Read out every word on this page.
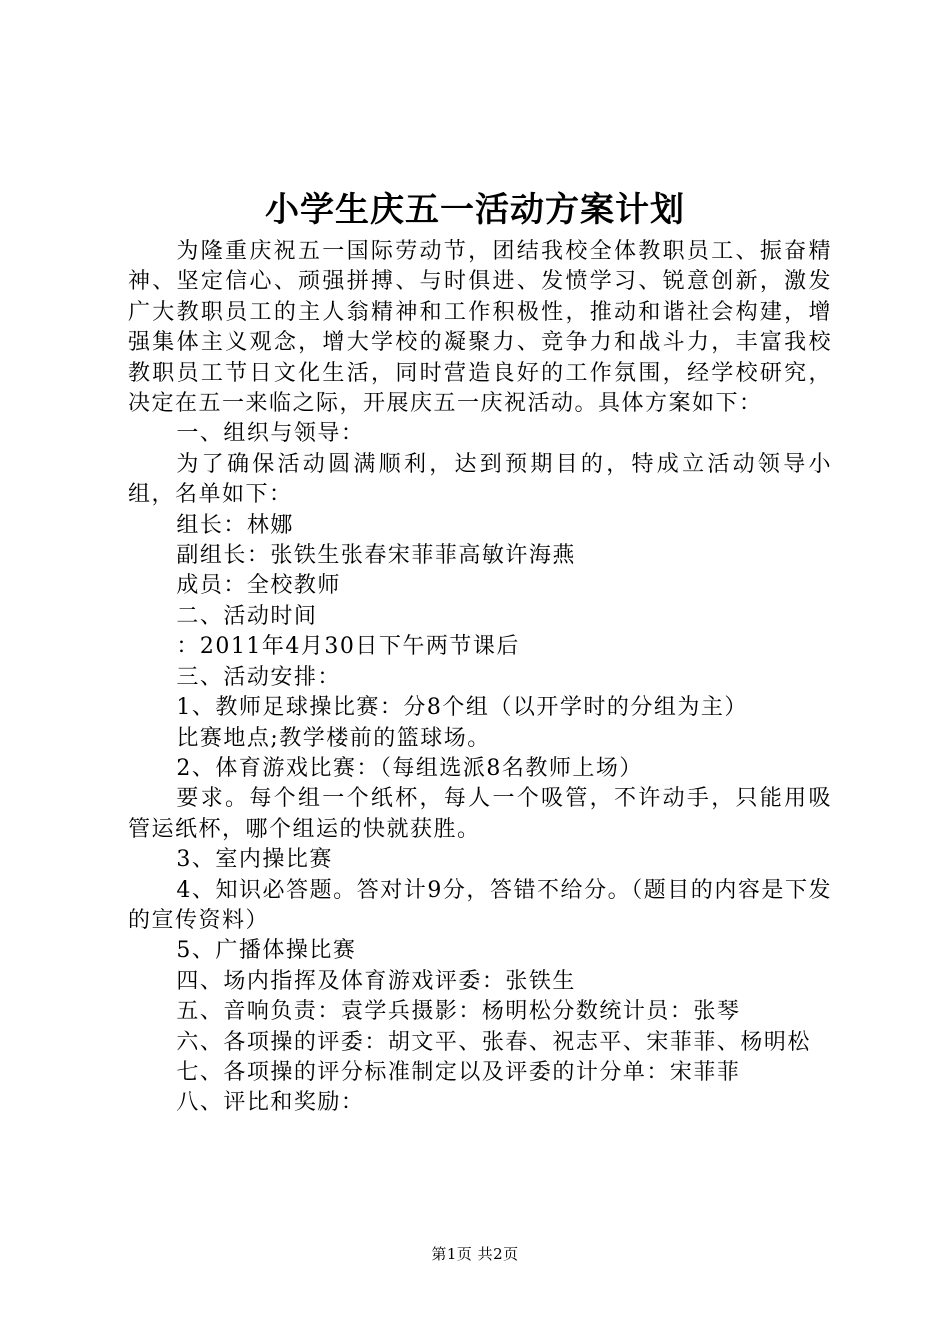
小学生庆五一活动方案计划

为隆重庆祝五一国际劳动节，团结我校全体教职员工、振奋精神、坚定信心、顽强拼搏、与时俱进、发愤学习、锐意创新，激发广大教职员工的主人翁精神和工作积极性，推动和谐社会构建，增强集体主义观念，增大学校的凝聚力、竞争力和战斗力，丰富我校教职员工节日文化生活，同时营造良好的工作氛围，经学校研究，决定在五一来临之际，开展庆五一庆祝活动。具体方案如下：

一、组织与领导：

为了确保活动圆满顺利，达到预期目的，特成立活动领导小组，名单如下：

组长：林娜

副组长：张铁生张春宋菲菲高敏许海燕

成员：全校教师

二、活动时间

：2011年4月30日下午两节课后

三、活动安排：

1、教师足球操比赛：分8个组（以开学时的分组为主）

比赛地点;教学楼前的篮球场。

2、体育游戏比赛：（每组选派8名教师上场）

要求。每个组一个纸杯，每人一个吸管，不许动手，只能用吸管运纸杯，哪个组运的快就获胜。

3、室内操比赛

4、知识必答题。答对计9分，答错不给分。（题目的内容是下发的宣传资料）

5、广播体操比赛

四、场内指挥及体育游戏评委：张铁生

五、音响负责：袁学兵摄影：杨明松分数统计员：张琴

六、各项操的评委：胡文平、张春、祝志平、宋菲菲、杨明松

七、各项操的评分标准制定以及评委的计分单：宋菲菲

八、评比和奖励：

第1页 共2页
